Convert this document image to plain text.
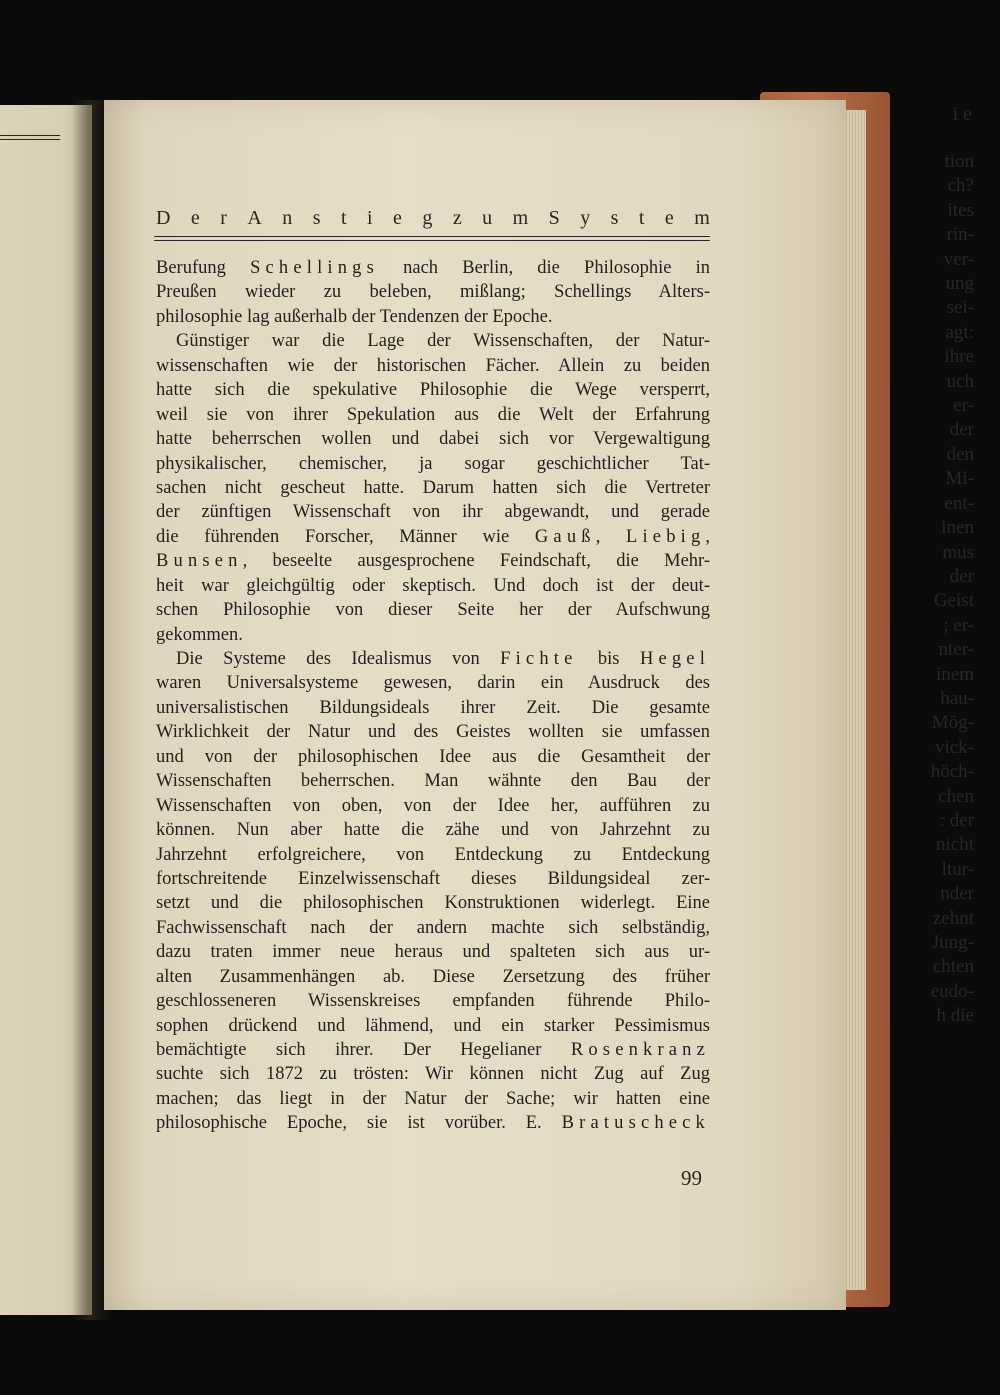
i e
tion
ch?
ites
rin-
ver-
ung
sei-
agt:
ihre
uch
er-
der
den
Mi-
ent-
inen
mus
der
Geist
; er-
nter-
inem
hau-
Mög-
vick-
höch-
chen
: der
nicht
ltur-
nder
zehnt
Jung-
chten
eudo-
h die
D e r A n s t i e g z u m S y s t e m
Berufung Schellings nach Berlin, die Philosophie in
Preußen wieder zu beleben, mißlang; Schellings Alters-
philosophie lag außerhalb der Tendenzen der Epoche.
Günstiger war die Lage der Wissenschaften, der Natur-
wissenschaften wie der historischen Fächer. Allein zu beiden
hatte sich die spekulative Philosophie die Wege versperrt,
weil sie von ihrer Spekulation aus die Welt der Erfahrung
hatte beherrschen wollen und dabei sich vor Vergewaltigung
physikalischer, chemischer, ja sogar geschichtlicher Tat-
sachen nicht gescheut hatte. Darum hatten sich die Vertreter
der zünftigen Wissenschaft von ihr abgewandt, und gerade
die führenden Forscher, Männer wie Gauß, Liebig,
Bunsen, beseelte ausgesprochene Feindschaft, die Mehr-
heit war gleichgültig oder skeptisch. Und doch ist der deut-
schen Philosophie von dieser Seite her der Aufschwung
gekommen.
Die Systeme des Idealismus von Fichte bis Hegel
waren Universalsysteme gewesen, darin ein Ausdruck des
universalistischen Bildungsideals ihrer Zeit. Die gesamte
Wirklichkeit der Natur und des Geistes wollten sie umfassen
und von der philosophischen Idee aus die Gesamtheit der
Wissenschaften beherrschen. Man wähnte den Bau der
Wissenschaften von oben, von der Idee her, aufführen zu
können. Nun aber hatte die zähe und von Jahrzehnt zu
Jahrzehnt erfolgreichere, von Entdeckung zu Entdeckung
fortschreitende Einzelwissenschaft dieses Bildungsideal zer-
setzt und die philosophischen Konstruktionen widerlegt. Eine
Fachwissenschaft nach der andern machte sich selbständig,
dazu traten immer neue heraus und spalteten sich aus ur-
alten Zusammenhängen ab. Diese Zersetzung des früher
geschlosseneren Wissenskreises empfanden führende Philo-
sophen drückend und lähmend, und ein starker Pessimismus
bemächtigte sich ihrer. Der Hegelianer Rosenkranz
suchte sich 1872 zu trösten: Wir können nicht Zug auf Zug
machen; das liegt in der Natur der Sache; wir hatten eine
philosophische Epoche, sie ist vorüber. E. Bratuscheck
99
